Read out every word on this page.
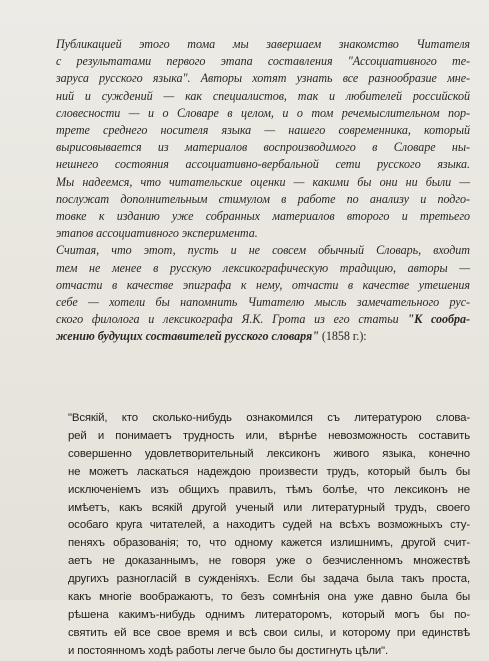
Публикацией этого тома мы завершаем знакомство Читателя
с результатами первого этапа составления "Ассоциативного те-
заруса русского языка". Авторы хотят узнать все разнообразие мне-
ний и суждений — как специалистов, так и любителей российской
словесности — и о Словаре в целом, и о том речемыслительном пор-
трете среднего носителя языка — нашего современника, который
вырисовывается из материалов воспроизводимого в Словаре ны-
нешнего состояния ассоциативно-вербальной сети русского языка.
Мы надеемся, что читательские оценки — какими бы они ни были —
послужат дополнительным стимулом в работе по анализу и подго-
товке к изданию уже собранных материалов второго и третьего
этапов ассоциативного эксперимента.

Считая, что этот, пусть и не совсем обычный Словарь, входит
тем не менее в русскую лексикографическую традицию, авторы —
отчасти в качестве эпиграфа к нему, отчасти в качестве утешения
себе — хотели бы напомнить Читателю мысль замечательного рус-
ского филолога и лексикографа Я.К. Грота из его статьи "К сообра-
жению будущих составителей русского словаря" (1858 г.):

"Всякій, кто сколько-нибудь ознакомился съ литературою слова-
рей и понимаетъ трудность или, вѣрнѣе невозможность составить
совершенно удовлетворительный лексиконъ живого языка, конечно
не можетъ ласкаться надеждою произвести трудъ, который былъ бы
исключенiемъ изъ общихъ правилъ, тѣмъ болѣе, что лексиконъ не
имѣетъ, какъ всякій другой ученый или литературный трудъ, своего
особаго круга читателей, а находитъ судей на всѣхъ возможныхъ сту-
пеняхъ образованія; то, что одному кажется излишнимъ, другой счит-
аетъ не доказаннымъ, не говоря уже о безчисленномъ множествѣ
другихъ разногласій в сужденіяхъ. Если бы задача была такъ проста,
какъ многіе воображаютъ, то безъ сомнѣнія она уже давно была бы
рѣшена какимъ-нибудь однимъ литераторомъ, который могъ бы по-
святить ей все свое время и всѣ свои силы, и которому при единствѣ
и постоянномъ ходѣ работы легче было бы достигнуть цѣли".
